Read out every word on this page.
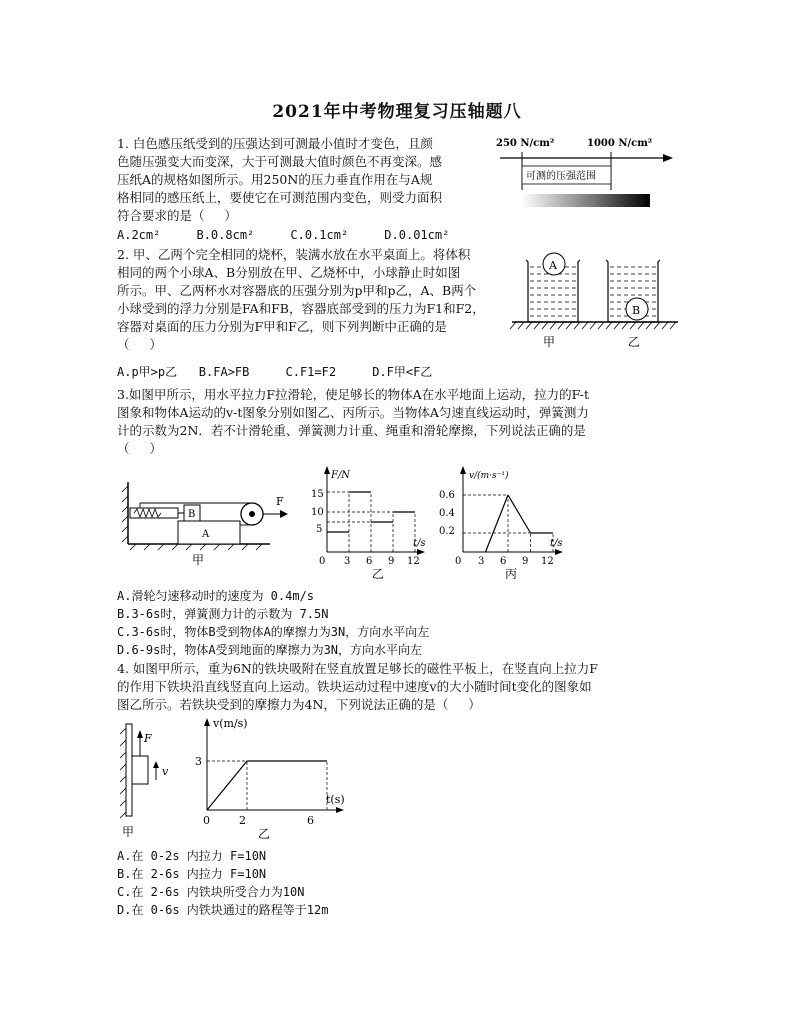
2021年中考物理复习压轴题八
1. 白色感压纸受到的压强达到可测最小值时才变色，且颜
色随压强变大而变深，大于可测最大值时颜色不再变深。感
压纸A的规格如图所示。用250N的压力垂直作用在与A规
格相同的感压纸上，要使它在可测范围内变色，则受力面积
符合要求的是（     ）
A.2cm²     B.0.8cm²     C.0.1cm²     D.0.01cm²
250 N/cm²	1000 N/cm²
可测的压强范围
2. 甲、乙两个完全相同的烧杯，装满水放在水平桌面上。将体积
相同的两个小球A、B分别放在甲、乙烧杯中，小球静止时如图
所示。甲、乙两杯水对容器底的压强分别为p甲和p乙，A、B两个
小球受到的浮力分别是FA和FB，容器底部受到的压力为F1和F2，
容器对桌面的压力分别为F甲和F乙，则下列判断中正确的是
（     ）
A.p甲>p乙   B.FA>FB     C.F1=F2     D.F甲<F乙
A
B
甲	乙
3.如图甲所示，用水平拉力F拉滑轮，使足够长的物体A在水平地面上运动，拉力的F-t
图象和物体A运动的v-t图象分别如图乙、丙所示。当物体A匀速直线运动时，弹簧测力
计的示数为2N．若不计滑轮重、弹簧测力计重、绳重和滑轮摩擦，下列说法正确的是
（     ）
B
A
F
甲
F/N
t/s
15
10
5
0 3 6 9 12
乙
v/(m·s⁻¹)
t/s
0.6
0.4
0.2
0 3 6 9 12
丙
A.滑轮匀速移动时的速度为 0.4m/s
B.3-6s时，弹簧测力计的示数为 7.5N
C.3-6s时，物体B受到物体A的摩擦力为3N，方向水平向左
D.6-9s时，物体A受到地面的摩擦力为3N，方向水平向左
4. 如图甲所示，重为6N的铁块吸附在竖直放置足够长的磁性平板上，在竖直向上拉力F
的作用下铁块沿直线竖直向上运动。铁块运动过程中速度v的大小随时间t变化的图象如
图乙所示。若铁块受到的摩擦力为4N，下列说法正确的是（     ）
F
v
甲
v(m/s)
t(s)
3
0	2	6
乙
A.在 0-2s 内拉力 F=10N
B.在 2-6s 内拉力 F=10N
C.在 2-6s 内铁块所受合力为10N
D.在 0-6s 内铁块通过的路程等于12m
